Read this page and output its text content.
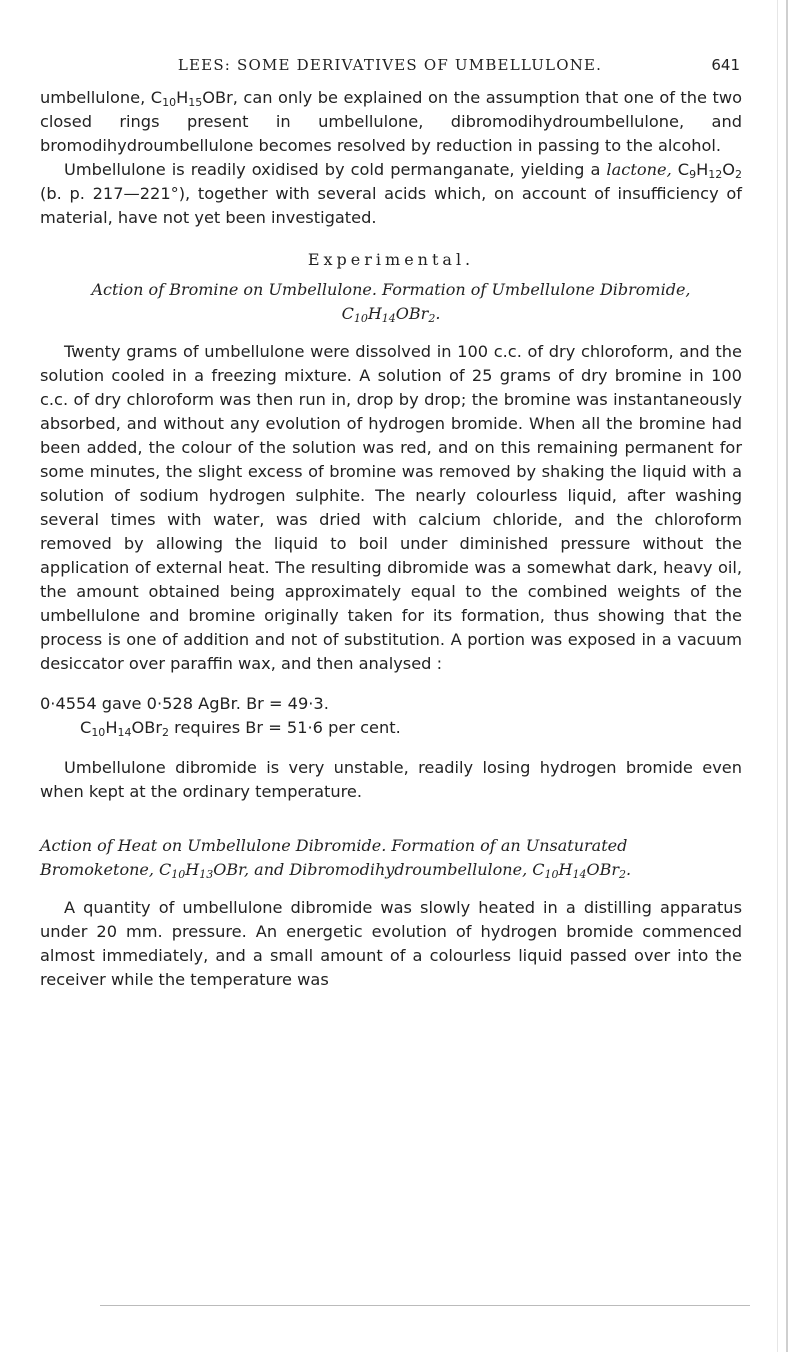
LEES: SOME DERIVATIVES OF UMBELLULONE.	641

umbellulone, $C_{10}H_{15}OBr$, can only be explained on the assumption that one of the two closed rings present in umbellulone, dibromodihydroumbellulone, and bromodihydroumbellulone becomes resolved by reduction in passing to the alcohol.

Umbellulone is readily oxidised by cold permanganate, yielding a lactone, $C_9H_{12}O_2$ (b. p. 217—221°), together with several acids which, on account of insufficiency of material, have not yet been investigated.

Experimental.
Action of Bromine on Umbellulone. Formation of Umbellulone Dibromide, $C_{10}H_{14}OBr_2$.

Twenty grams of umbellulone were dissolved in 100 c.c. of dry chloroform, and the solution cooled in a freezing mixture. A solution of 25 grams of dry bromine in 100 c.c. of dry chloroform was then run in, drop by drop; the bromine was instantaneously absorbed, and without any evolution of hydrogen bromide. When all the bromine had been added, the colour of the solution was red, and on this remaining permanent for some minutes, the slight excess of bromine was removed by shaking the liquid with a solution of sodium hydrogen sulphite. The nearly colourless liquid, after washing several times with water, was dried with calcium chloride, and the chloroform removed by allowing the liquid to boil under diminished pressure without the application of external heat. The resulting dibromide was a somewhat dark, heavy oil, the amount obtained being approximately equal to the combined weights of the umbellulone and bromine originally taken for its formation, thus showing that the process is one of addition and not of substitution. A portion was exposed in a vacuum desiccator over paraffin wax, and then analysed :

0·4554 gave 0·528 AgBr. Br = 49·3.

$C_{10}H_{14}OBr_2$ requires Br = 51·6 per cent.

Umbellulone dibromide is very unstable, readily losing hydrogen bromide even when kept at the ordinary temperature.

Action of Heat on Umbellulone Dibromide. Formation of an Unsaturated Bromoketone, $C_{10}H_{13}OBr$, and Dibromodihydroumbellulone, $C_{10}H_{14}OBr_2$.

A quantity of umbellulone dibromide was slowly heated in a distilling apparatus under 20 mm. pressure. An energetic evolution of hydrogen bromide commenced almost immediately, and a small amount of a colourless liquid passed over into the receiver while the temperature was
